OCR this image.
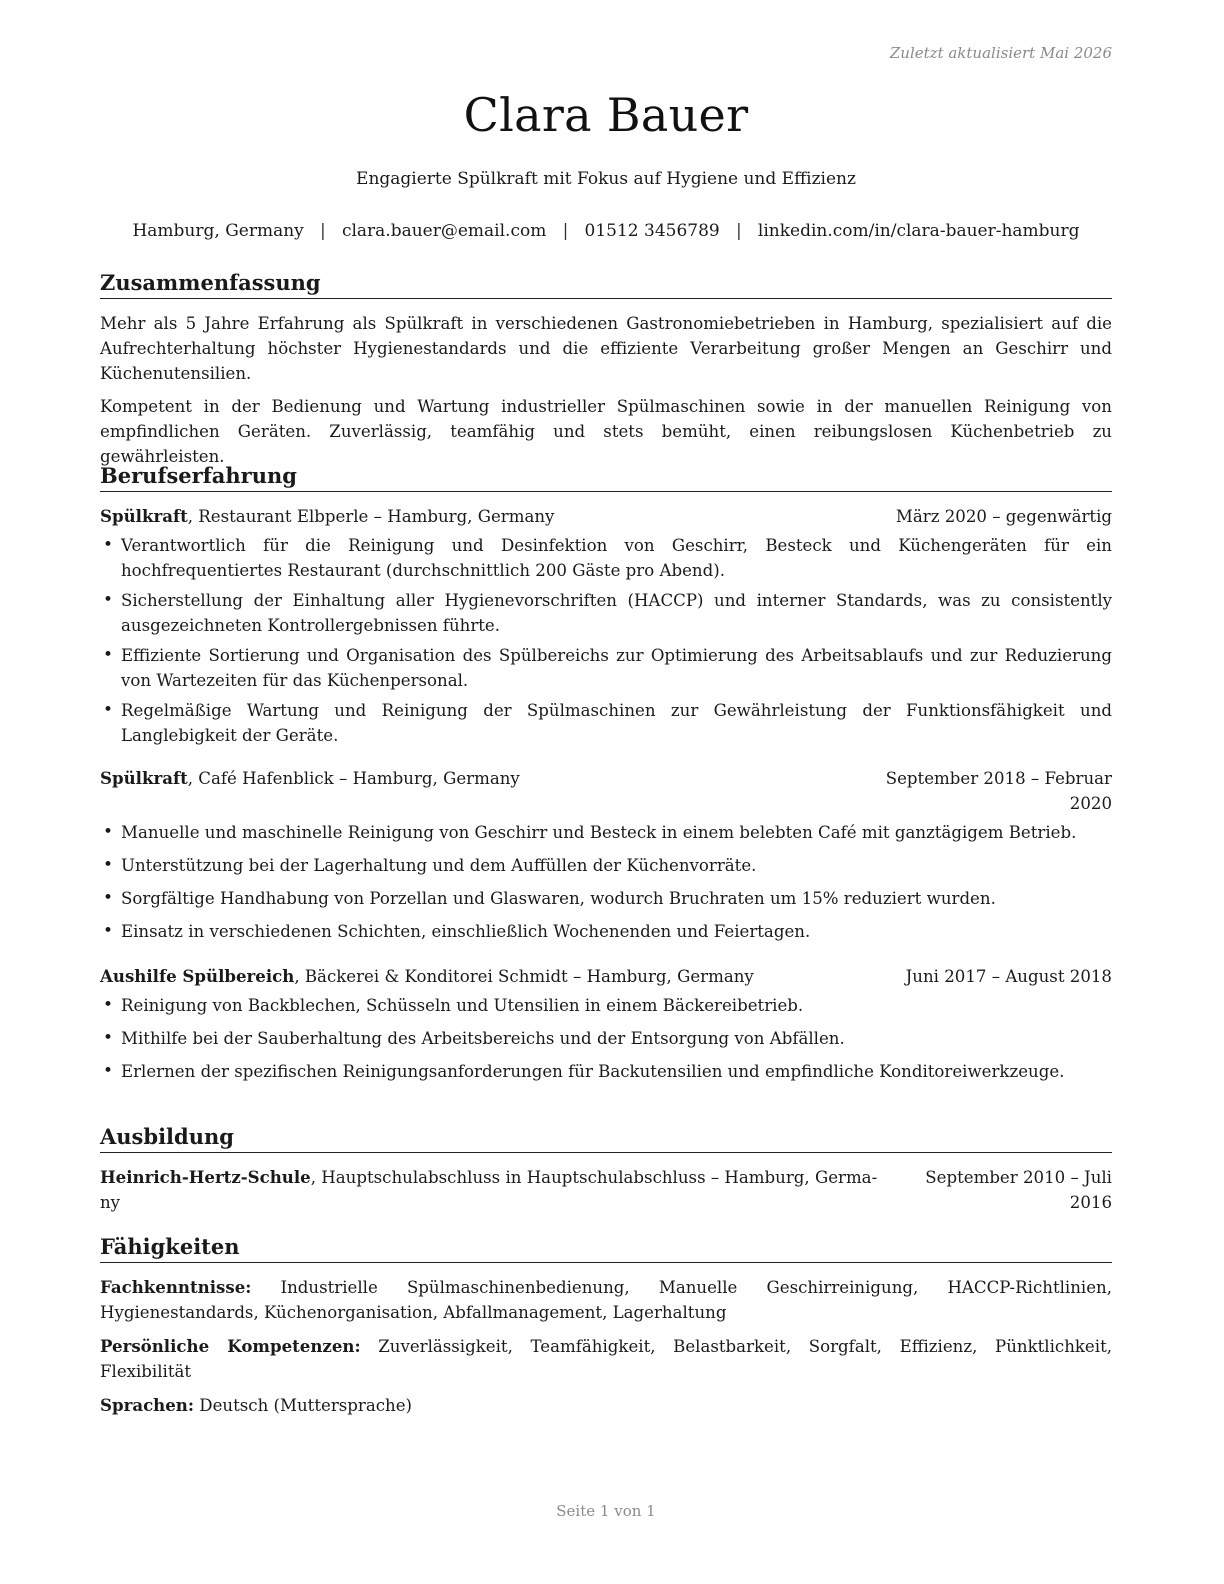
Zuletzt aktualisiert Mai 2026
Clara Bauer
Engagierte Spülkraft mit Fokus auf Hygiene und Effizienz
Hamburg, Germany | clara.bauer@email.com | 01512 3456789 | linkedin.com/in/clara-bauer-hamburg
Zusammenfassung

Mehr als 5 Jahre Erfahrung als Spülkraft in verschiedenen Gastronomiebetrieben in Hamburg, spezialisiert auf die Aufrechterhaltung höchster Hygienestandards und die effiziente Verarbeitung großer Mengen an Geschirr und Küchenutensilien.

Kompetent in der Bedienung und Wartung industrieller Spülmaschinen sowie in der manuellen Reinigung von empfindlichen Geräten. Zuverlässig, teamfähig und stets bemüht, einen reibungslosen Küchenbetrieb zu gewährleisten.

Berufserfahrung
Spülkraft, Restaurant Elbperle – Hamburg, Germany	März 2020 – gegenwärtig
• Verantwortlich für die Reinigung und Desinfektion von Geschirr, Besteck und Küchengeräten für ein hochfrequentiertes Restaurant (durchschnittlich 200 Gäste pro Abend).
• Sicherstellung der Einhaltung aller Hygienevorschriften (HACCP) und interner Standards, was zu consistently ausgezeichneten Kontrollergebnissen führte.
• Effiziente Sortierung und Organisation des Spülbereichs zur Optimierung des Arbeitsablaufs und zur Reduzierung von Wartezeiten für das Küchenpersonal.
• Regelmäßige Wartung und Reinigung der Spülmaschinen zur Gewährleistung der Funktionsfähigkeit und Langlebigkeit der Geräte.
Spülkraft, Café Hafenblick – Hamburg, Germany	September 2018 – Februar
2020
• Manuelle und maschinelle Reinigung von Geschirr und Besteck in einem belebten Café mit ganztägigem Betrieb.
• Unterstützung bei der Lagerhaltung und dem Auffüllen der Küchenvorräte.
• Sorgfältige Handhabung von Porzellan und Glaswaren, wodurch Bruchraten um 15% reduziert wurden.
• Einsatz in verschiedenen Schichten, einschließlich Wochenenden und Feiertagen.
Aushilfe Spülbereich, Bäckerei & Konditorei Schmidt – Hamburg, Germany	Juni 2017 – August 2018
• Reinigung von Backblechen, Schüsseln und Utensilien in einem Bäckereibetrieb.
• Mithilfe bei der Sauberhaltung des Arbeitsbereichs und der Entsorgung von Abfällen.
• Erlernen der spezifischen Reinigungsanforderungen für Backutensilien und empfindliche Konditoreiwerkzeuge.
Ausbildung
Heinrich-Hertz-Schule, Hauptschulabschluss in Hauptschulabschluss – Hamburg, Germa-
ny
September 2010 – Juli
2016
Fähigkeiten
Fachkenntnisse: Industrielle Spülmaschinenbedienung, Manuelle Geschirreinigung, HACCP-Richtlinien, Hygienestandards, Küchenorganisation, Abfallmanagement, Lagerhaltung
Persönliche Kompetenzen: Zuverlässigkeit, Teamfähigkeit, Belastbarkeit, Sorgfalt, Effizienz, Pünktlichkeit, Flexibilität
Sprachen: Deutsch (Muttersprache)
Seite 1 von 1
